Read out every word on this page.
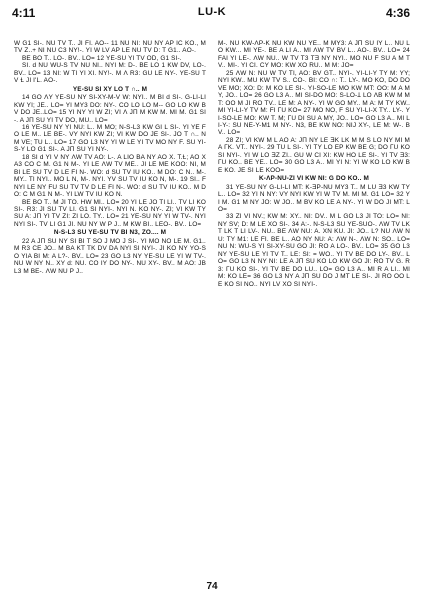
4:11	LU-K	4:36

W G1 SI-. NU TV T.. JI FI. AO-- 11 NU NI: NU NY AP IC KO., M TV Z..+ NI NU C3 NY!-. YI W LV AP LE NU TV D: T G1.. AO-.

BE BO T.. LO-. BV.. LO= 12 YE-SU YI TV OD, G1 SI-.

SI. d NU WU-S TV NU NI.. NYI M: D-. BE LO 1 KW DV, LO-. BV.. LO= 13 NI: W TI YI XI. NY!-. M Ʌ R3: GU LE NY-. YE-SU TV Ɫ JI I'L. AO-.

YE-SU SI XY LO T ∩.. M

14 GO ɅY YE-SU NY SI-XY-M-V W: NYI.. M BI d SI-. G-LI-LI KW YI; JE.. LO= YI MY3 DO: NY-. CO LO LO M-- GO LO KW BV DO JE..LO= 15 YI NY YI W ZI; VI Ʌ JΠ M KW M. MI M. G1 SI-. A JΠ SU YI TV DO, MU.. LO=

16 YE-SU NY YI NU: L.. M MO; N-S-L3 KW GI L SI-. YI YE FO LE M.. LE BE-. VY NYI KW ZI; VI KW DO JE SI-. JO T ∩.. N M VE; TU L.. LO= 17 GO L3 NY YI W LE YI TV MO NY F. SU YI-S-Y LO G1 SI-. A JΠ SU YI NY-.

18 SI d YI V NY ɅW TV AO: L-. A LIO BA NY AO X. T.Ɫ; AO XA3 CO C M. G1 N M-. YI LE ɅW TV ME.. JI LE ME KOO: NI, M BI LE SU TV D LE FI N-. WO: d SU TV IU KO.. M DO: C N.. M-. MY.. TI NYI.. MO L N, M-. NYI. YV SU TV IU KO N, M-. 19 SI.. F NYI LE NY FU SU TV TV D LE FI N-. WO: d SU TV IU KO.. M DO: C M G1 N M-. YI LW TV IU KO N.

BE BO T.. M JI TO. HW MI.. LO= 20 YI LE JO TI LI.. TV LI KO SI-. R3: JI SU TV LI. G1 SI NYI-. NYI N. KO NY-. ZI; VI KW TY SU A: JΠ YI TV ZI: ZI LO. TY.. LO= 21 YE-SU NY YI W TV-. NYI NYI SI-. TV LI G1 JI. NU NY W P J.. M KW BI.. LEO-. BV.. LO=

N-S-L3 SU YE-SU TV BI N3, ZO.... M

22 A JΠ SU NY SI BI T SO J MO J SI-. YI MO NO LE M. G1.. M R3 CE JO.. M BA KT TK DV DA NYI SI NYI-. JI KO NY YO-SO YIA BI M: A L?-. BV.. LO= 23 GO L3 NY YE-SU LE YI W TV-. NU W NY N.. XY d: NU. CO IY DO NY-. NU XY-. BV.. M AO: JB L3 M BE-. ɅW NU P J..

M-. NU KW-ɅP-K NU KW NU YE.. M MY3: A JΠ SU IY L.. NU LO KW... MI YE-. BE A LI A.. MI ɅW TV BV L.. AO-. BV.. LO= 24 FAI YI LE-. ɅW NU.. W TV T3 TƎ NY NYI.. MO NU F SU A M TV.. MI-. YI CI. CY MO: KW XO RU.. M M: JO=

25 ɅW N: NU W TV TI, AO: BV GT.. NYI-. YI-LI-Y TY M: YY; NYI KW.. MU KW TV S.. CO-. BI: CO ∩: T.. LY-. MO KO, DO DO VE MO; XO: D: M KO LE SI-. YI-SO-LE MO KW MT: OO: M A MY, JO.. LO= 26 GO L3 A.. MI SI-DO MO: S-LO-Ʇ LO ɅB KW M MT: OO M JI RO TV.. LE M: A NY-. YI W GO MY.. M A: M TY KW.. MI YI-LI-Y TV M: FI ΓU KO= 27 MO NO, F SU YI-LI-X TY.. LY-. YI-SO-LE MO: KW T. M; ΓU DI SU A MY, JO.. LO= GO L3 A.. MI LI-Y-: SU NE-Y-M1 M NY-. N3, BE KW NO: NIJ XY-, LE M: W-. BV.. LO=

28 ZI; VI KW M L AO A: JΠ NY LE ƎK LK M M S LO NY MI M A ΓK. VT.. NYI-. 29 TU L SI-. YI TY LO EP KW BE G; DO ΓU KO SI NYI-. YI W LO ƎZ ZI.. GU W CI XI: KW HO LE SI-. YI TV Ǝ3: ΓU KO.. BE YE.. LO= 30 GO L3 A.. MI YI N: YI W KO LO KW BE KO. JE SI LE KOO=

K-ɅP-NU-ZI VI KW NI: G DO KO.. M

31 YE-SU NY G-LI-LI MT: K-ƎP-NU MY3 T.. M LU Ǝ3 KW TY L.. LO= 32 YI N NY: VY NYI KW YI W TV M. MI M. G1 LO= 32 YI M. G1 M NY JO: W JO.. M BV KO LE A NY-. YI W DO JI MT: LO=

33 ZI VI NV.; KW M: XY.. NI: DV.. M L GO L3 JI TO: LO= NI: NY SV; D: M LE XO SI-. 34 A:-. N-S-L3 SU YE-SUO-. ɅW TV LK T LK T LI LV-. NU.. BE ɅW NU: A. XN KU. JI: JO.. L? NU ɅW NU: TY M1: LE FI. BE L.. AO NY NU: A: ɅW N-. ɅW N: SO.. LO= NU N: WU-S YI SI-XY-SU GO JI: RO A LO-. BV.. LO= 35 GO L3 NY YE-SU LE YI TV T.. LE: SI: = WO.. YI TV BE DO LY-. BV.. LO= GO L3 N NY NI: LE A JΠ SU KO LO KW GO JI: RO TV G. R3: ΓU KO SI-. YI TV BE DO LU.. LO= GO L3 A.. MI R A LI.. MI M: KO LE= 36 GO L3 NY A JΠ SU DO J MT LE SI-. JI RO OO LE KO SI NO.. NYI LV XO SI NYI-.

74
